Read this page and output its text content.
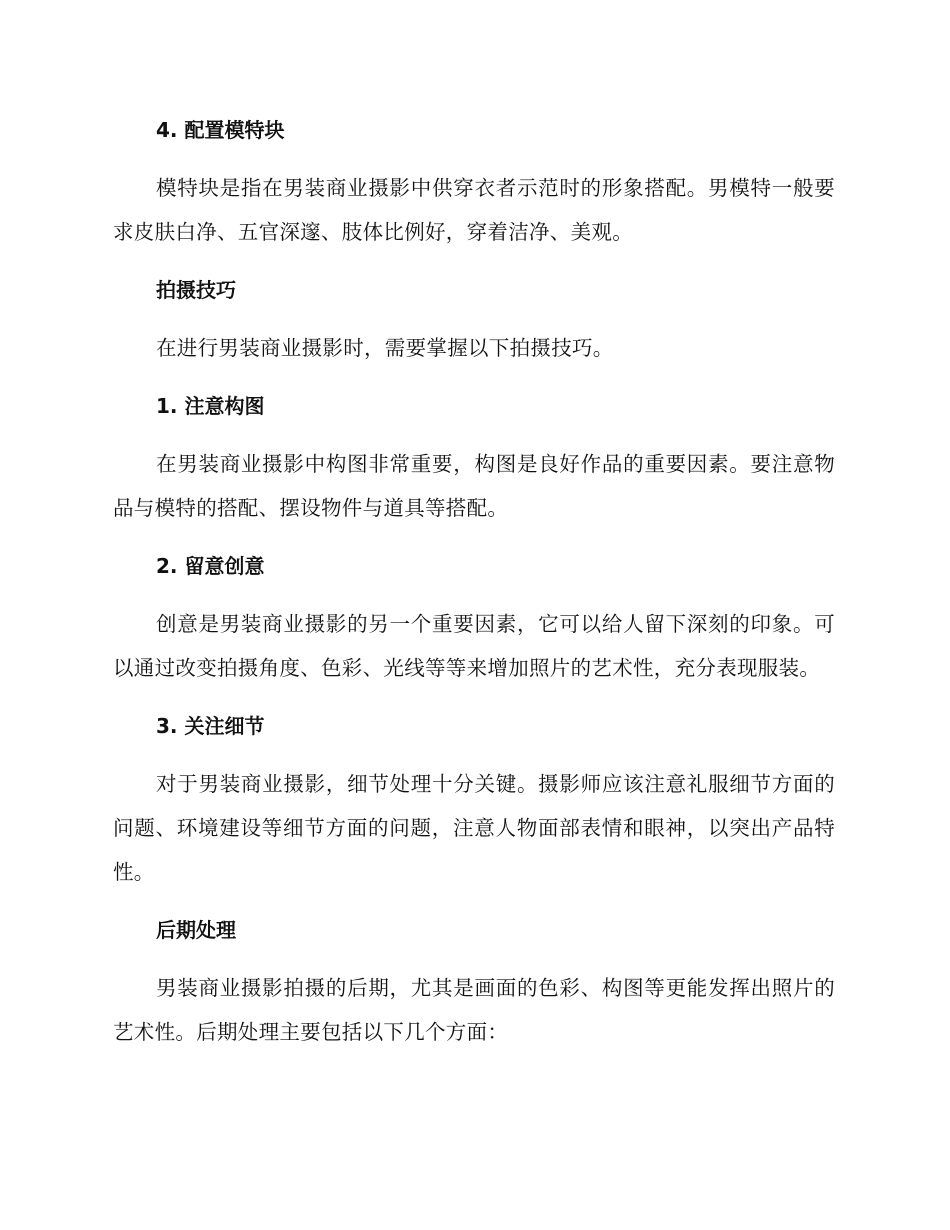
4. 配置模特块

模特块是指在男装商业摄影中供穿衣者示范时的形象搭配。男模特一般要求皮肤白净、五官深邃、肢体比例好，穿着洁净、美观。

拍摄技巧

在进行男装商业摄影时，需要掌握以下拍摄技巧。

1. 注意构图

在男装商业摄影中构图非常重要，构图是良好作品的重要因素。要注意物品与模特的搭配、摆设物件与道具等搭配。

2. 留意创意

创意是男装商业摄影的另一个重要因素，它可以给人留下深刻的印象。可以通过改变拍摄角度、色彩、光线等等来增加照片的艺术性，充分表现服装。

3. 关注细节

对于男装商业摄影，细节处理十分关键。摄影师应该注意礼服细节方面的问题、环境建设等细节方面的问题，注意人物面部表情和眼神，以突出产品特性。

后期处理

男装商业摄影拍摄的后期，尤其是画面的色彩、构图等更能发挥出照片的艺术性。后期处理主要包括以下几个方面：
